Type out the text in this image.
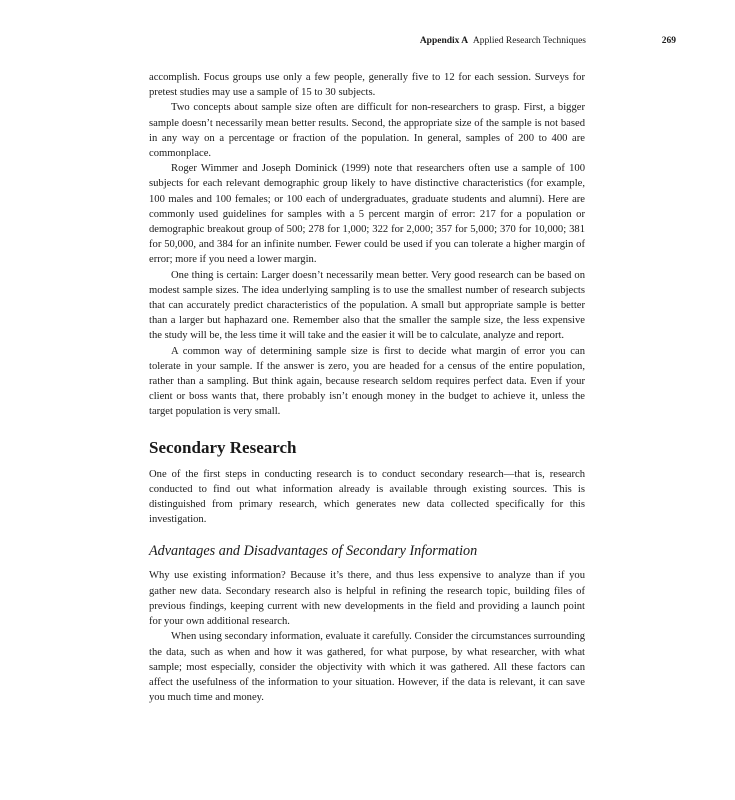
Appendix A Applied Research Techniques	269

accomplish. Focus groups use only a few people, generally five to 12 for each session. Surveys for pretest studies may use a sample of 15 to 30 subjects.

Two concepts about sample size often are difficult for non-researchers to grasp. First, a bigger sample doesn’t necessarily mean better results. Second, the appropriate size of the sample is not based in any way on a percentage or fraction of the population. In general, samples of 200 to 400 are commonplace.

Roger Wimmer and Joseph Dominick (1999) note that researchers often use a sample of 100 subjects for each relevant demographic group likely to have distinctive characteristics (for example, 100 males and 100 females; or 100 each of undergraduates, graduate students and alumni). Here are commonly used guidelines for samples with a 5 percent margin of error: 217 for a population or demographic breakout group of 500; 278 for 1,000; 322 for 2,000; 357 for 5,000; 370 for 10,000; 381 for 50,000, and 384 for an infinite number. Fewer could be used if you can tolerate a higher margin of error; more if you need a lower margin.

One thing is certain: Larger doesn’t necessarily mean better. Very good research can be based on modest sample sizes. The idea underlying sampling is to use the smallest number of research subjects that can accurately predict characteristics of the population. A small but appropriate sample is better than a larger but haphazard one. Remember also that the smaller the sample size, the less expensive the study will be, the less time it will take and the easier it will be to calculate, analyze and report.

A common way of determining sample size is first to decide what margin of error you can tolerate in your sample. If the answer is zero, you are headed for a census of the entire population, rather than a sampling. But think again, because research seldom requires perfect data. Even if your client or boss wants that, there probably isn’t enough money in the budget to achieve it, unless the target population is very small.

Secondary Research

One of the first steps in conducting research is to conduct secondary research—that is, research conducted to find out what information already is available through existing sources. This is distinguished from primary research, which generates new data collected specifically for this investigation.

Advantages and Disadvantages of Secondary Information

Why use existing information? Because it’s there, and thus less expensive to analyze than if you gather new data. Secondary research also is helpful in refining the research topic, building files of previous findings, keeping current with new developments in the field and providing a launch point for your own additional research.

When using secondary information, evaluate it carefully. Consider the circumstances surrounding the data, such as when and how it was gathered, for what purpose, by what researcher, with what sample; most especially, consider the objectivity with which it was gathered. All these factors can affect the usefulness of the information to your situation. However, if the data is relevant, it can save you much time and money.
